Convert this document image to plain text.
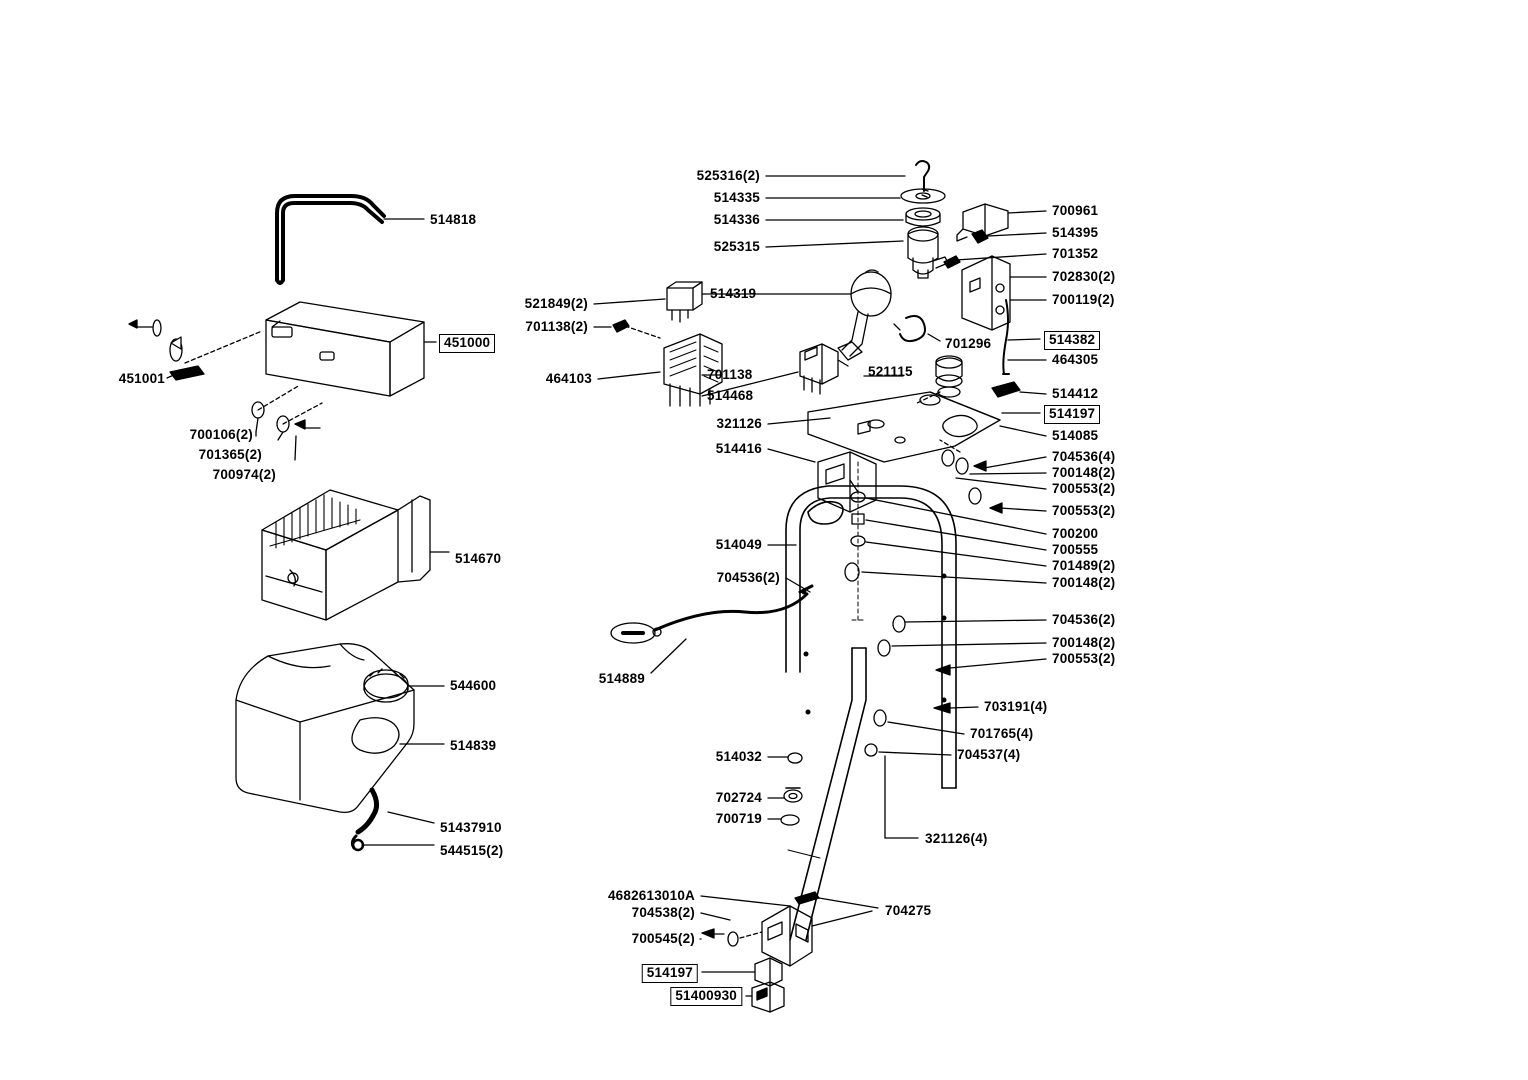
525316(2)
514335
514336
525315
700961
514395
701352
702830(2)
700119(2)
514382
464305
701296
514412
514197
514085
704536(4)
700148(2)
700553(2)
700553(2)
700200
700555
701489(2)
700148(2)
704536(2)
700148(2)
700553(2)
703191(4)
701765(4)
704537(4)
321126(4)
704275
514818
451000
451001
700106(2)
701365(2)
700974(2)
514670
544600
514839
51437910
544515(2)
521849(2)
701138(2)
514319
464103	701138
514468
521115
321126
514416
514049
704536(2)
514889
514032
702724
700719
4682613010A
704538(2)
700545(2)
514197
51400930
